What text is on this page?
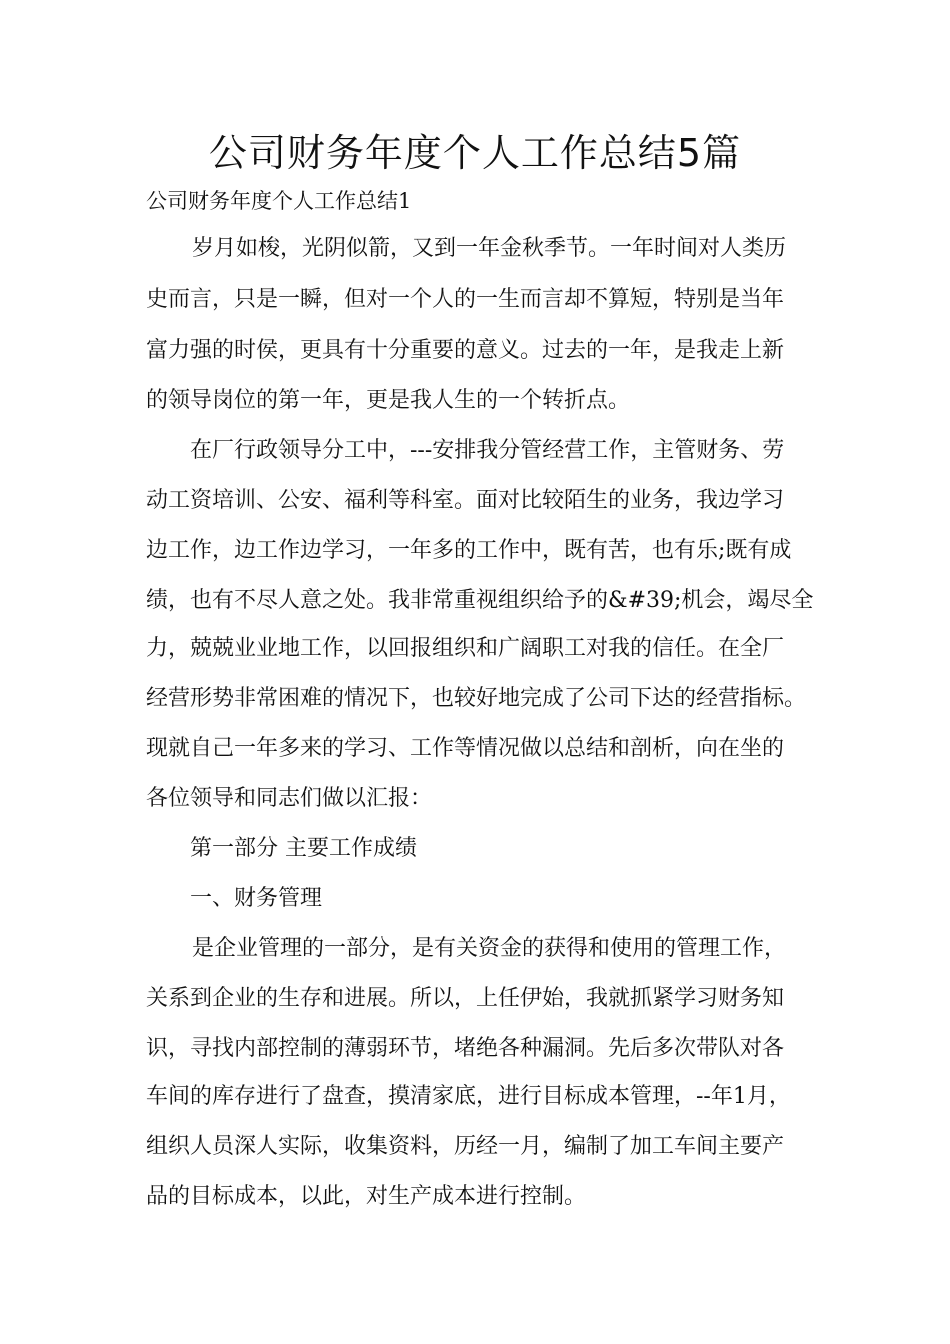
公司财务年度个人工作总结5篇

公司财务年度个人工作总结1

岁月如梭，光阴似箭，又到一年金秋季节。一年时间对人类历

史而言，只是一瞬，但对一个人的一生而言却不算短，特别是当年

富力强的时侯，更具有十分重要的意义。过去的一年，是我走上新

的领导岗位的第一年，更是我人生的一个转折点。

在厂行政领导分工中，---安排我分管经营工作，主管财务、劳

动工资培训、公安、福利等科室。面对比较陌生的业务，我边学习

边工作，边工作边学习，一年多的工作中，既有苦，也有乐;既有成

绩，也有不尽人意之处。我非常重视组织给予的&#39;机会，竭尽全

力，兢兢业业地工作，以回报组织和广阔职工对我的信任。在全厂

经营形势非常困难的情况下，也较好地完成了公司下达的经营指标。

现就自己一年多来的学习、工作等情况做以总结和剖析，向在坐的

各位领导和同志们做以汇报：

第一部分 主要工作成绩

一、财务管理

是企业管理的一部分，是有关资金的获得和使用的管理工作，

关系到企业的生存和进展。所以，上任伊始，我就抓紧学习财务知

识，寻找内部控制的薄弱环节，堵绝各种漏洞。先后多次带队对各

车间的库存进行了盘查，摸清家底，进行目标成本管理，--年1月，

组织人员深人实际，收集资料，历经一月，编制了加工车间主要产

品的目标成本，以此，对生产成本进行控制。
